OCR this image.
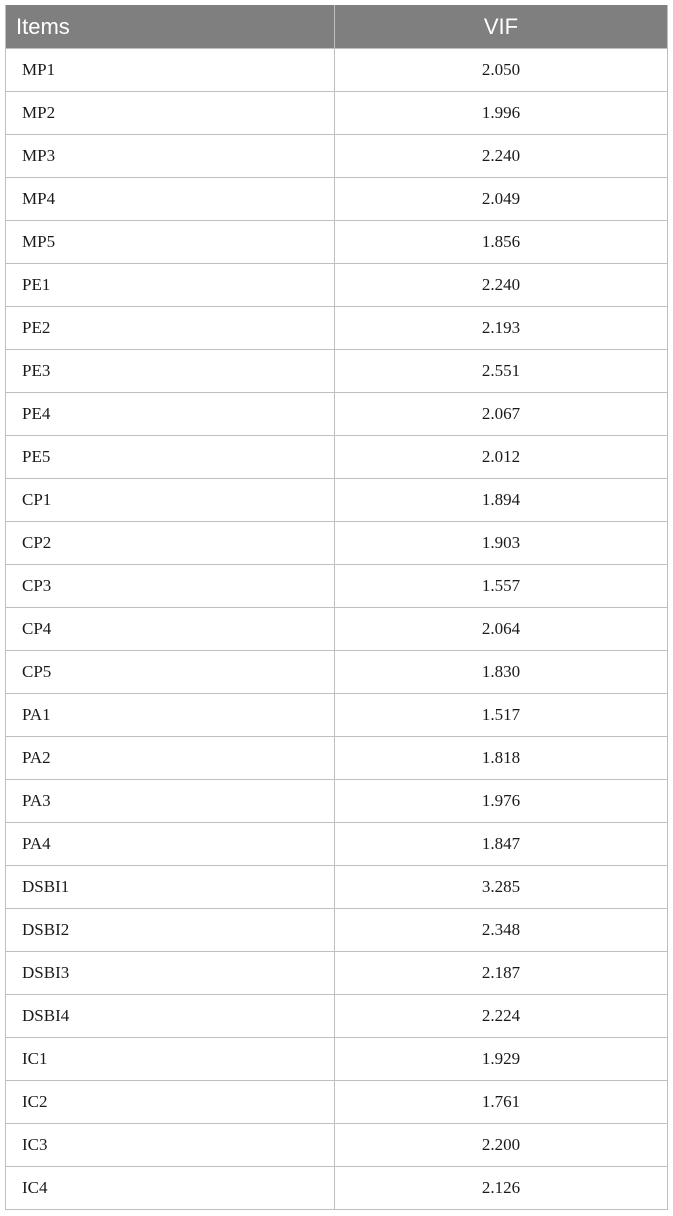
Items	VIF
MP1	2.050
MP2	1.996
MP3	2.240
MP4	2.049
MP5	1.856
PE1	2.240
PE2	2.193
PE3	2.551
PE4	2.067
PE5	2.012
CP1	1.894
CP2	1.903
CP3	1.557
CP4	2.064
CP5	1.830
PA1	1.517
PA2	1.818
PA3	1.976
PA4	1.847
DSBI1	3.285
DSBI2	2.348
DSBI3	2.187
DSBI4	2.224
IC1	1.929
IC2	1.761
IC3	2.200
IC4	2.126
